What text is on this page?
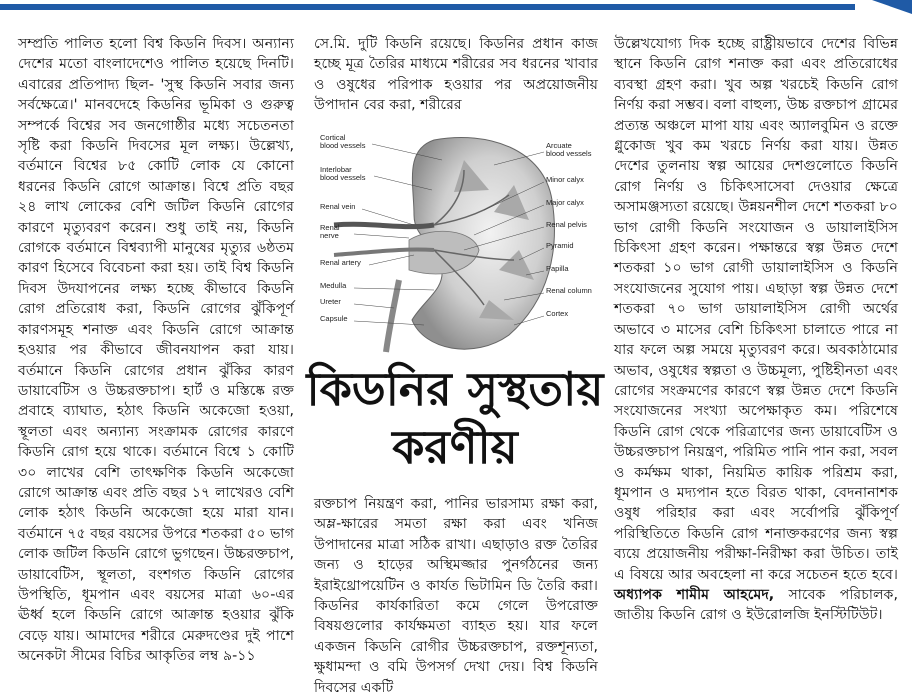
সম্প্রতি পালিত হলো বিশ্ব কিডনি দিবস। অন্যান্য দেশের মতো বাংলাদেশেও পালিত হয়েছে দিনটি। এবারের প্রতিপাদ্য ছিল- 'সুস্থ কিডনি সবার জন্য সর্বক্ষেত্রে।' মানবদেহে কিডনির ভূমিকা ও গুরুত্ব সম্পর্কে বিশ্বের সব জনগোষ্ঠীর মধ্যে সচেতনতা সৃষ্টি করা কিডনি দিবসের মূল লক্ষ্য। উল্লেখ্য, বর্তমানে বিশ্বের ৮৫ কোটি লোক যে কোনো ধরনের কিডনি রোগে আক্রান্ত। বিশ্বে প্রতি বছর ২৪ লাখ লোকের বেশি জটিল কিডনি রোগের কারণে মৃত্যুবরণ করেন। শুধু তাই নয়, কিডনি রোগকে বর্তমানে বিশ্বব্যাপী মানুষের মৃত্যুর ৬ষ্ঠতম কারণ হিসেবে বিবেচনা করা হয়। তাই বিশ্ব কিডনি দিবস উদযাপনের লক্ষ্য হচ্ছে কীভাবে কিডনি রোগ প্রতিরোধ করা, কিডনি রোগের ঝুঁকিপূর্ণ কারণসমূহ শনাক্ত এবং কিডনি রোগে আক্রান্ত হওয়ার পর কীভাবে জীবনযাপন করা যায়। বর্তমানে কিডনি রোগের প্রধান ঝুঁকির কারণ ডায়াবেটিস ও উচ্চরক্তচাপ। হার্ট ও মস্তিষ্কে রক্ত প্রবাহে ব্যাঘাত, হঠাৎ কিডনি অকেজো হওয়া, স্থূলতা এবং অন্যান্য সংক্রামক রোগের কারণে কিডনি রোগ হয়ে থাকে। বর্তমানে বিশ্বে ১ কোটি ৩০ লাখের বেশি তাৎক্ষণিক কিডনি অকেজো রোগে আক্রান্ত এবং প্রতি বছর ১৭ লাখেরও বেশি লোক হঠাৎ কিডনি অকেজো হয়ে মারা যান। বর্তমানে ৭৫ বছর বয়সের উপরে শতকরা ৫০ ভাগ লোক জটিল কিডনি রোগে ভুগছেন। উচ্চরক্তচাপ, ডায়াবেটিস, স্থূলতা, বংশগত কিডনি রোগের উপস্থিতি, ধূমপান এবং বয়সের মাত্রা ৬০-এর ঊর্ধ্ব হলে কিডনি রোগে আক্রান্ত হওয়ার ঝুঁকি বেড়ে যায়। আমাদের শরীরে মেরুদণ্ডের দুই পাশে অনেকটা সীমের বিচির আকৃতির লম্ব ৯-১১

সে.মি. দুটি কিডনি রয়েছে। কিডনির প্রধান কাজ হচ্ছে মূত্র তৈরির মাধ্যমে শরীরের সব ধরনের খাবার ও ওষুধের পরিপাক হওয়ার পর অপ্রয়োজনীয় উপাদান বের করা, শরীরের

Cortical blood vessels
Interlobar blood vessels
Renal vein
Renal nerve
Renal artery
Medulla
Ureter
Capsule
Arcuate blood vessels
Minor calyx
Major calyx
Renal pelvis
Pyramid
Papilla
Renal column
Cortex
কিডনির সুস্থতায়
করণীয়

রক্তচাপ নিয়ন্ত্রণ করা, পানির ভারসাম্য রক্ষা করা, অম্ল-ক্ষারের সমতা রক্ষা করা এবং খনিজ উপাদানের মাত্রা সঠিক রাখা। এছাড়াও রক্ত তৈরির জন্য ও হাড়ের অস্থিমজ্জার পুনর্গঠনের জন্য ইরাইথ্রোপয়েটিন ও কার্যত ভিটামিন ডি তৈরি করা। কিডনির কার্যকারিতা কমে গেলে উপরোক্ত বিষয়গুলোর কার্যক্ষমতা ব্যাহত হয়। যার ফলে একজন কিডনি রোগীর উচ্চরক্তচাপ, রক্তশূন্যতা, ক্ষুধামন্দা ও বমি উপসর্গ দেখা দেয়। বিশ্ব কিডনি দিবসের একটি

উল্লেখযোগ্য দিক হচ্ছে রাষ্ট্রীয়ভাবে দেশের বিভিন্ন স্থানে কিডনি রোগ শনাক্ত করা এবং প্রতিরোধের ব্যবস্থা গ্রহণ করা। খুব অল্প খরচেই কিডনি রোগ নির্ণয় করা সম্ভব। বলা বাহুল্য, উচ্চ রক্তচাপ গ্রামের প্রত্যন্ত অঞ্চলে মাপা যায় এবং অ্যালবুমিন ও রক্তে গ্লুকোজ খুব কম খরচে নির্ণয় করা যায়। উন্নত দেশের তুলনায় স্বল্প আয়ের দেশগুলোতে কিডনি রোগ নির্ণয় ও চিকিৎসাসেবা দেওয়ার ক্ষেত্রে অসামঞ্জস্যতা রয়েছে। উন্নয়নশীল দেশে শতকরা ৮০ ভাগ রোগী কিডনি সংযোজন ও ডায়ালাইসিস চিকিৎসা গ্রহণ করেন। পক্ষান্তরে স্বল্প উন্নত দেশে শতকরা ১০ ভাগ রোগী ডায়ালাইসিস ও কিডনি সংযোজনের সুযোগ পায়। এছাড়া স্বল্প উন্নত দেশে শতকরা ৭০ ভাগ ডায়ালাইসিস রোগী অর্থের অভাবে ৩ মাসের বেশি চিকিৎসা চালাতে পারে না যার ফলে অল্প সময়ে মৃত্যুবরণ করে। অবকাঠামোর অভাব, ওষুধের স্বল্পতা ও উচ্চমূল্য, পুষ্টিহীনতা এবং রোগের সংক্রমণের কারণে স্বল্প উন্নত দেশে কিডনি সংযোজনের সংখ্যা অপেক্ষাকৃত কম। পরিশেষে কিডনি রোগ থেকে পরিত্রাণের জন্য ডায়াবেটিস ও উচ্চরক্তচাপ নিয়ন্ত্রণ, পরিমিত পানি পান করা, সবল ও কর্মক্ষম থাকা, নিয়মিত কায়িক পরিশ্রম করা, ধূমপান ও মদ্যপান হতে বিরত থাকা, বেদনানাশক ওষুধ পরিহার করা এবং সর্বোপরি ঝুঁকিপূর্ণ পরিস্থিতিতে কিডনি রোগ শনাক্তকরণের জন্য স্বল্প ব্যয়ে প্রয়োজনীয় পরীক্ষা-নিরীক্ষা করা উচিত। তাই এ বিষয়ে আর অবহেলা না করে সচেতন হতে হবে। অধ্যাপক শামীম আহমেদ, সাবেক পরিচালক, জাতীয় কিডনি রোগ ও ইউরোলজি ইনস্টিটিউট।
